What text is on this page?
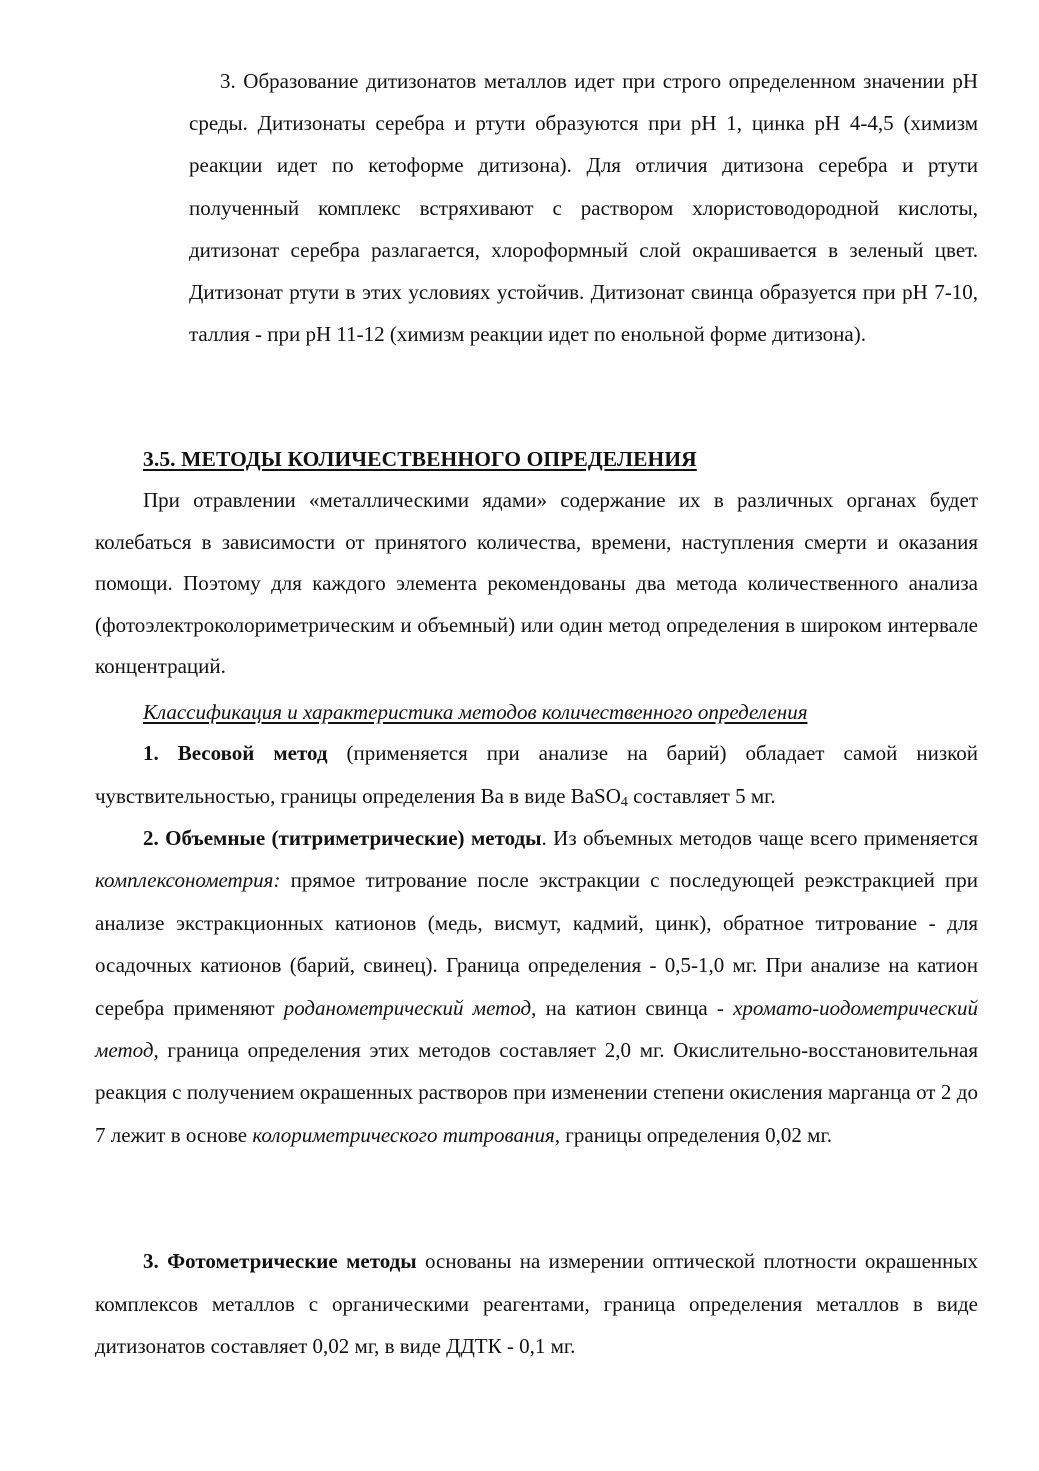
3. Образование дитизонатов металлов идет при строго определенном значении pH среды. Дитизонаты серебра и ртути образуются при pH 1, цинка pH 4-4,5 (химизм реакции идет по кетоформе дитизона). Для отличия дитизона серебра и ртути полученный комплекс встряхивают с раствором хлористоводородной кислоты, дитизонат серебра разлагается, хлороформный слой окрашивается в зеленый цвет. Дитизонат ртути в этих условиях устойчив. Дитизонат свинца образуется при pH 7-10, таллия - при pH 11-12 (химизм реакции идет по енольной форме дитизона).

3.5. МЕТОДЫ КОЛИЧЕСТВЕННОГО ОПРЕДЕЛЕНИЯ

При отравлении «металлическими ядами» содержание их в различных органах будет колебаться в зависимости от принятого количества, времени, наступления смерти и оказания помощи. Поэтому для каждого элемента рекомендованы два метода количественного анализа (фотоэлектроколориметрическим и объемный) или один метод определения в широком интервале концентраций.

Классификация и характеристика методов количественного определения

1. Весовой метод (применяется при анализе на барий) обладает самой низкой чувствительностью, границы определения Ba в виде BaSO$_4$ составляет 5 мг.

2. Объемные (титриметрические) методы. Из объемных методов чаще всего применяется комплексонометрия: прямое титрование после экстракции с последующей реэкстракцией при анализе экстракционных катионов (медь, висмут, кадмий, цинк), обратное титрование - для осадочных катионов (барий, свинец). Граница определения - 0,5-1,0 мг. При анализе на катион серебра применяют роданометрический метод, на катион свинца - хромато-иодометрический метод, граница определения этих методов составляет 2,0 мг. Окислительно-восстановительная реакция с получением окрашенных растворов при изменении степени окисления марганца от 2 до 7 лежит в основе колориметрического титрования, границы определения 0,02 мг.

3. Фотометрические методы основаны на измерении оптической плотности окрашенных комплексов металлов с органическими реагентами, граница определения металлов в виде дитизонатов составляет 0,02 мг, в виде ДДТК - 0,1 мг.
